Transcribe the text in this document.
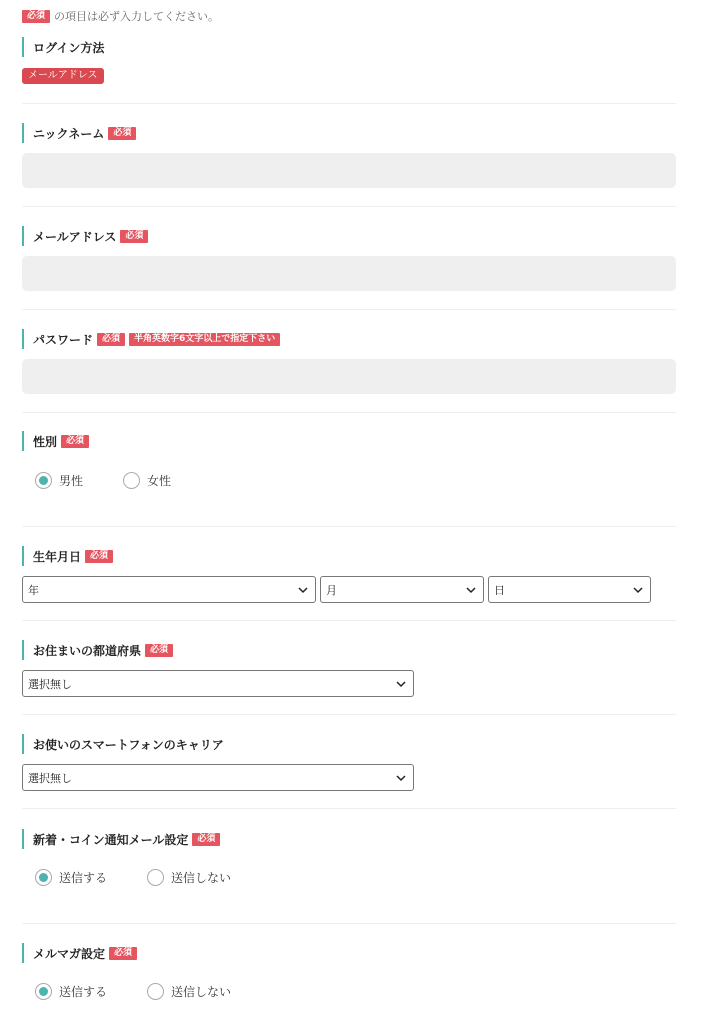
必須 の項目は必ず入力してください。
ログイン方法
メールアドレス
ニックネーム	必須
メールアドレス	必須
パスワード	必須	半角英数字6文字以上で指定下さい
性別	必須
男性	女性
生年月日	必須
年	月	日
お住まいの都道府県	必須
選択無し
お使いのスマートフォンのキャリア
選択無し
新着・コイン通知メール設定	必須
送信する	送信しない
メルマガ設定	必須
送信する	送信しない
